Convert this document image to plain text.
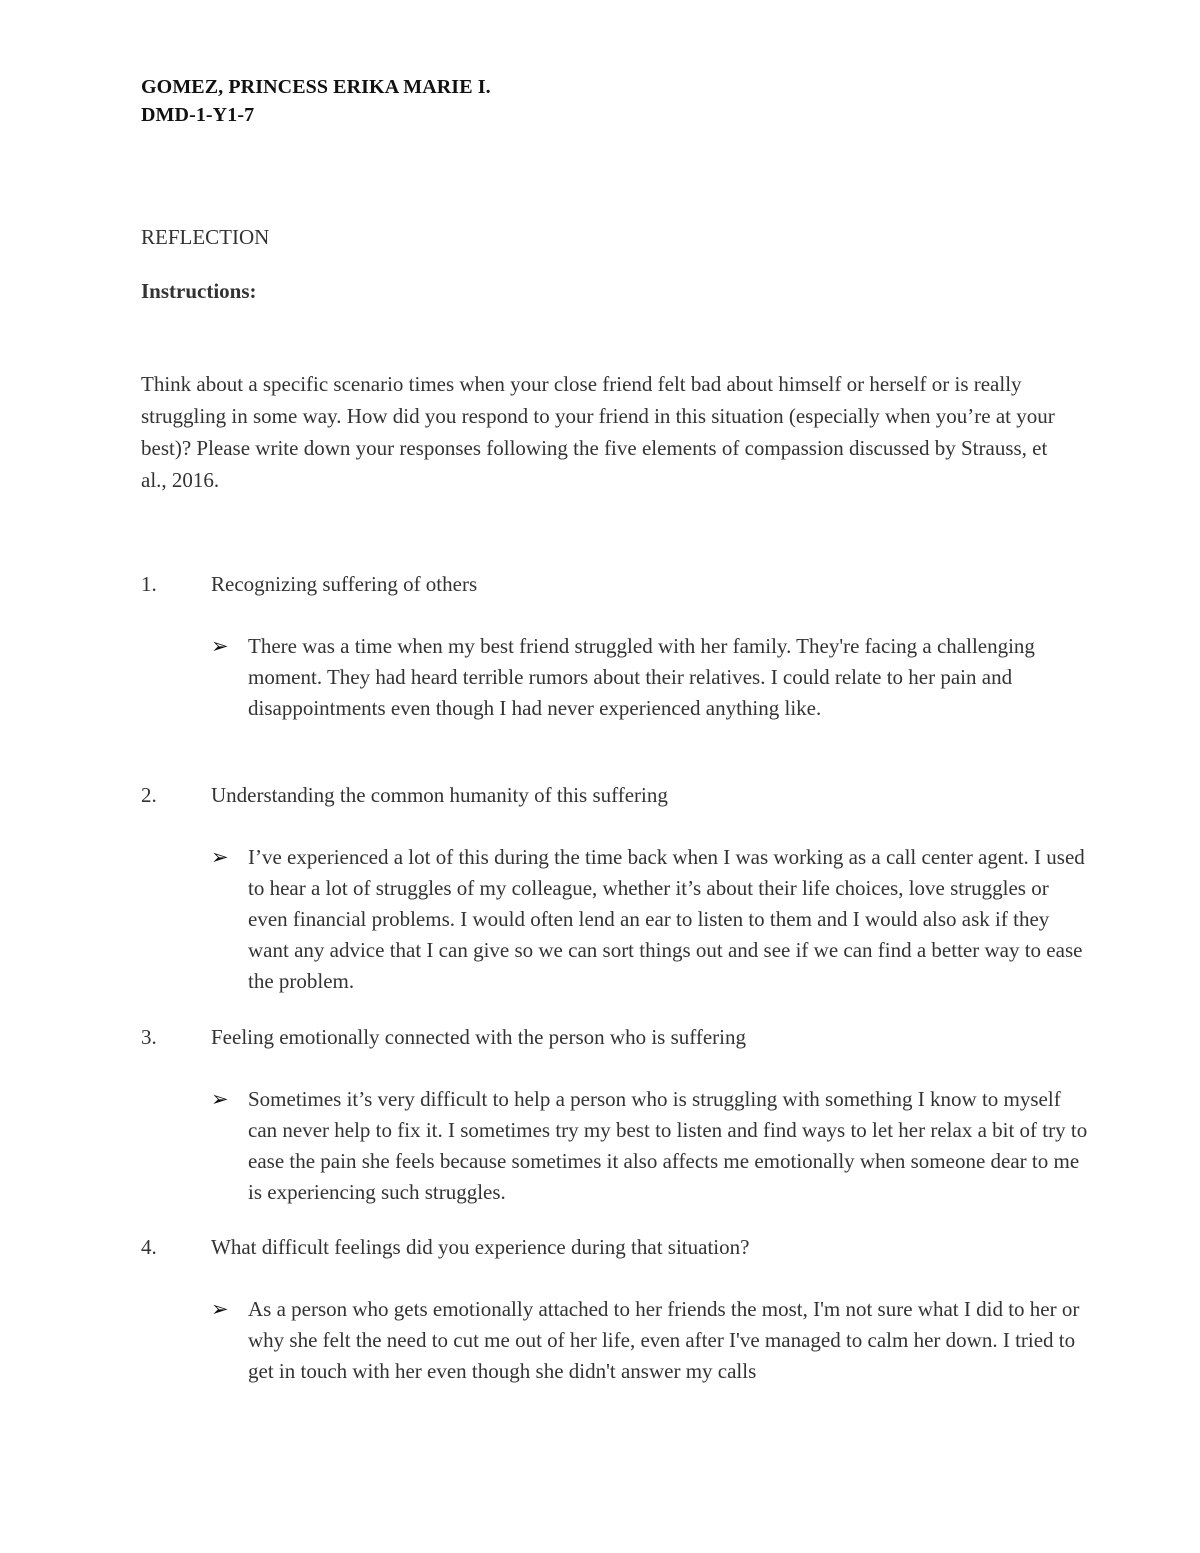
GOMEZ, PRINCESS ERIKA MARIE I.
DMD-1-Y1-7
REFLECTION
Instructions:
Think about a specific scenario times when your close friend felt bad about himself or herself or is really struggling in some way. How did you respond to your friend in this situation (especially when you’re at your best)? Please write down your responses following the five elements of compassion discussed by Strauss, et al., 2016.
1.	Recognizing suffering of others
➢ There was a time when my best friend struggled with her family. They're facing a challenging moment. They had heard terrible rumors about their relatives. I could relate to her pain and disappointments even though I had never experienced anything like.
2.	Understanding the common humanity of this suffering
➢ I’ve experienced a lot of this during the time back when I was working as a call center agent. I used to hear a lot of struggles of my colleague, whether it’s about their life choices, love struggles or even financial problems. I would often lend an ear to listen to them and I would also ask if they want any advice that I can give so we can sort things out and see if we can find a better way to ease the problem.
3.	Feeling emotionally connected with the person who is suffering
➢ Sometimes it’s very difficult to help a person who is struggling with something I know to myself can never help to fix it. I sometimes try my best to listen and find ways to let her relax a bit of try to ease the pain she feels because sometimes it also affects me emotionally when someone dear to me is experiencing such struggles.
4.	What difficult feelings did you experience during that situation?
➢ As a person who gets emotionally attached to her friends the most, I'm not sure what I did to her or why she felt the need to cut me out of her life, even after I've managed to calm her down. I tried to get in touch with her even though she didn't answer my calls
